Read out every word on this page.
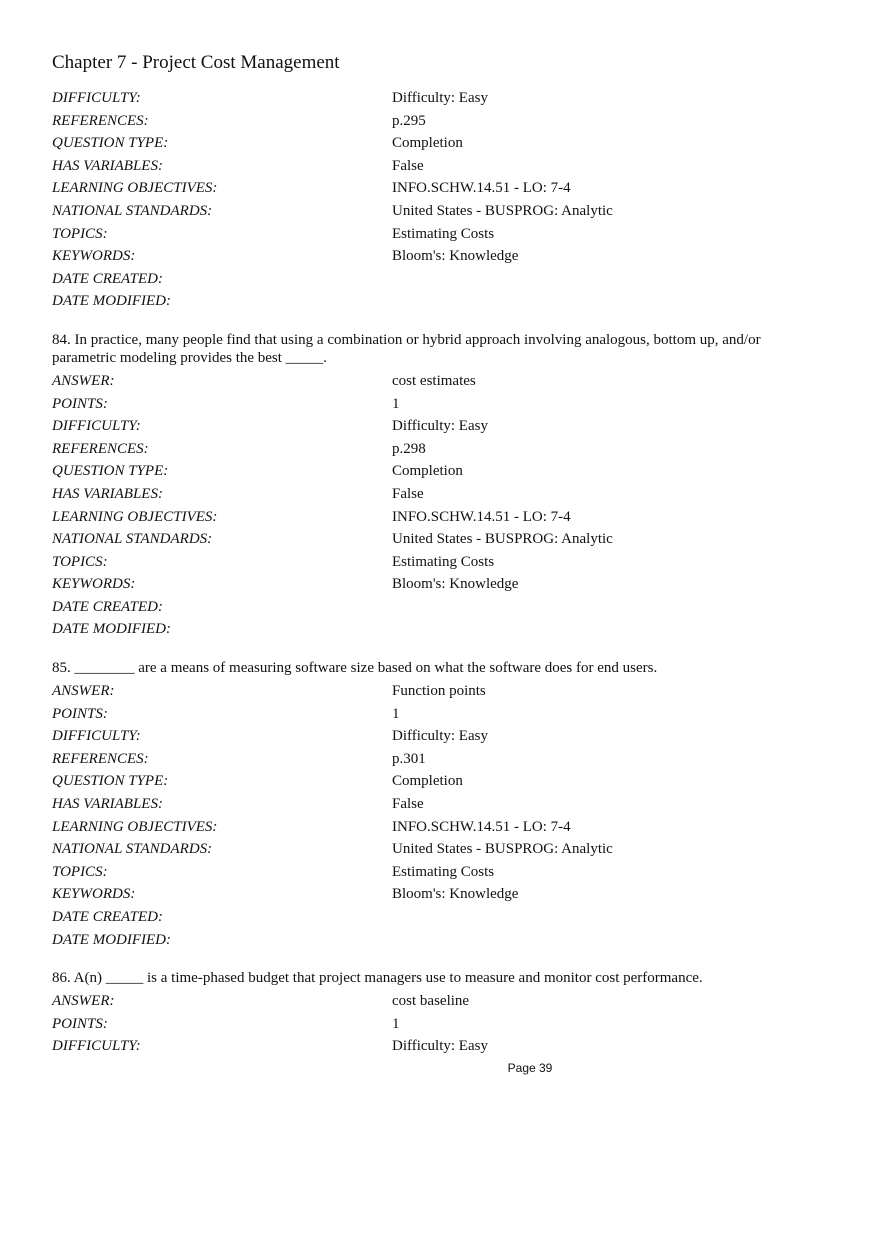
Chapter 7 - Project Cost Management
DIFFICULTY:	Difficulty: Easy
REFERENCES:	p.295
QUESTION TYPE:	Completion
HAS VARIABLES:	False
LEARNING OBJECTIVES:	INFO.SCHW.14.51 - LO: 7-4
NATIONAL STANDARDS:	United States - BUSPROG: Analytic
TOPICS:	Estimating Costs
KEYWORDS:	Bloom's: Knowledge
DATE CREATED:
DATE MODIFIED:
84. In practice, many people find that using a combination or hybrid approach involving analogous, bottom up, and/or parametric modeling provides the best _____.
ANSWER:	cost estimates
POINTS:	1
DIFFICULTY:	Difficulty: Easy
REFERENCES:	p.298
QUESTION TYPE:	Completion
HAS VARIABLES:	False
LEARNING OBJECTIVES:	INFO.SCHW.14.51 - LO: 7-4
NATIONAL STANDARDS:	United States - BUSPROG: Analytic
TOPICS:	Estimating Costs
KEYWORDS:	Bloom's: Knowledge
DATE CREATED:
DATE MODIFIED:
85. ________ are a means of measuring software size based on what the software does for end users.
ANSWER:	Function points
POINTS:	1
DIFFICULTY:	Difficulty: Easy
REFERENCES:	p.301
QUESTION TYPE:	Completion
HAS VARIABLES:	False
LEARNING OBJECTIVES:	INFO.SCHW.14.51 - LO: 7-4
NATIONAL STANDARDS:	United States - BUSPROG: Analytic
TOPICS:	Estimating Costs
KEYWORDS:	Bloom's: Knowledge
DATE CREATED:
DATE MODIFIED:
86. A(n) _____ is a time-phased budget that project managers use to measure and monitor cost performance.
ANSWER:	cost baseline
POINTS:	1
DIFFICULTY:	Difficulty: Easy
Page 39
